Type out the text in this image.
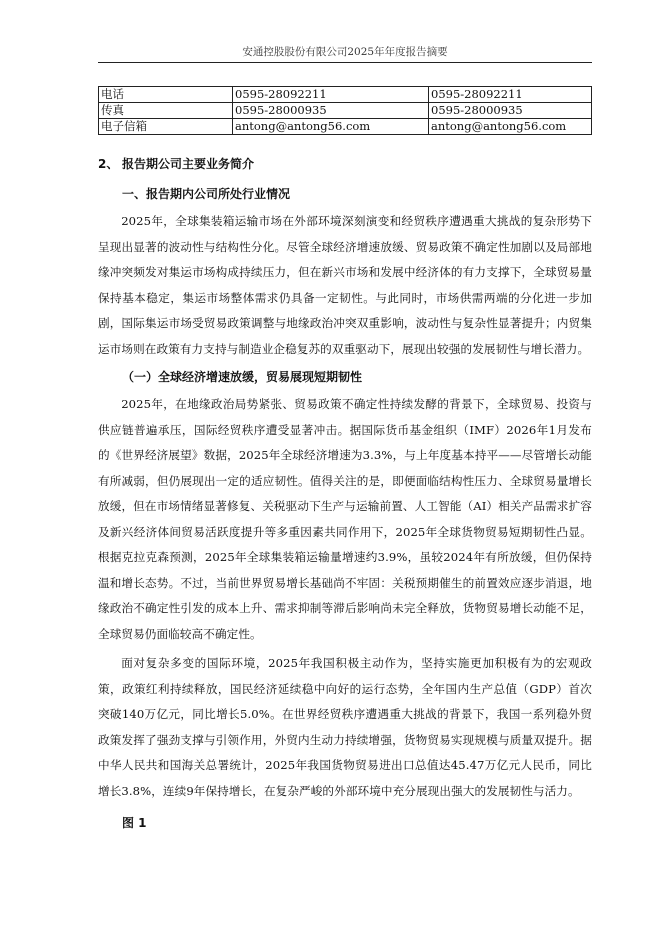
安通控股股份有限公司2025年年度报告摘要
电话	0595-28092211	0595-28092211
传真	0595-28000935	0595-28000935
电子信箱	antong@antong56.com	antong@antong56.com
2、 报告期公司主要业务简介
一、报告期内公司所处行业情况

2025年，全球集装箱运输市场在外部环境深刻演变和经贸秩序遭遇重大挑战的复杂形势下呈现出显著的波动性与结构性分化。尽管全球经济增速放缓、贸易政策不确定性加剧以及局部地缘冲突频发对集运市场构成持续压力，但在新兴市场和发展中经济体的有力支撑下，全球贸易量保持基本稳定，集运市场整体需求仍具备一定韧性。与此同时，市场供需两端的分化进一步加剧，国际集运市场受贸易政策调整与地缘政治冲突双重影响，波动性与复杂性显著提升；内贸集运市场则在政策有力支持与制造业企稳复苏的双重驱动下，展现出较强的发展韧性与增长潜力。

（一）全球经济增速放缓，贸易展现短期韧性

2025年，在地缘政治局势紧张、贸易政策不确定性持续发酵的背景下，全球贸易、投资与供应链普遍承压，国际经贸秩序遭受显著冲击。据国际货币基金组织（IMF）2026年1月发布的《世界经济展望》数据，2025年全球经济增速为3.3%，与上年度基本持平——尽管增长动能有所减弱，但仍展现出一定的适应韧性。值得关注的是，即便面临结构性压力、全球贸易量增长放缓，但在市场情绪显著修复、关税驱动下生产与运输前置、人工智能（AI）相关产品需求扩容及新兴经济体间贸易活跃度提升等多重因素共同作用下，2025年全球货物贸易短期韧性凸显。根据克拉克森预测，2025年全球集装箱运输量增速约3.9%，虽较2024年有所放缓，但仍保持温和增长态势。不过，当前世界贸易增长基础尚不牢固：关税预期催生的前置效应逐步消退，地缘政治不确定性引发的成本上升、需求抑制等滞后影响尚未完全释放，货物贸易增长动能不足，全球贸易仍面临较高不确定性。

面对复杂多变的国际环境，2025年我国积极主动作为，坚持实施更加积极有为的宏观政策，政策红利持续释放，国民经济延续稳中向好的运行态势，全年国内生产总值（GDP）首次突破140万亿元，同比增长5.0%。在世界经贸秩序遭遇重大挑战的背景下，我国一系列稳外贸政策发挥了强劲支撑与引领作用，外贸内生动力持续增强，货物贸易实现规模与质量双提升。据中华人民共和国海关总署统计，2025年我国货物贸易进出口总值达45.47万亿元人民币，同比增长3.8%，连续9年保持增长，在复杂严峻的外部环境中充分展现出强大的发展韧性与活力。

图 1
